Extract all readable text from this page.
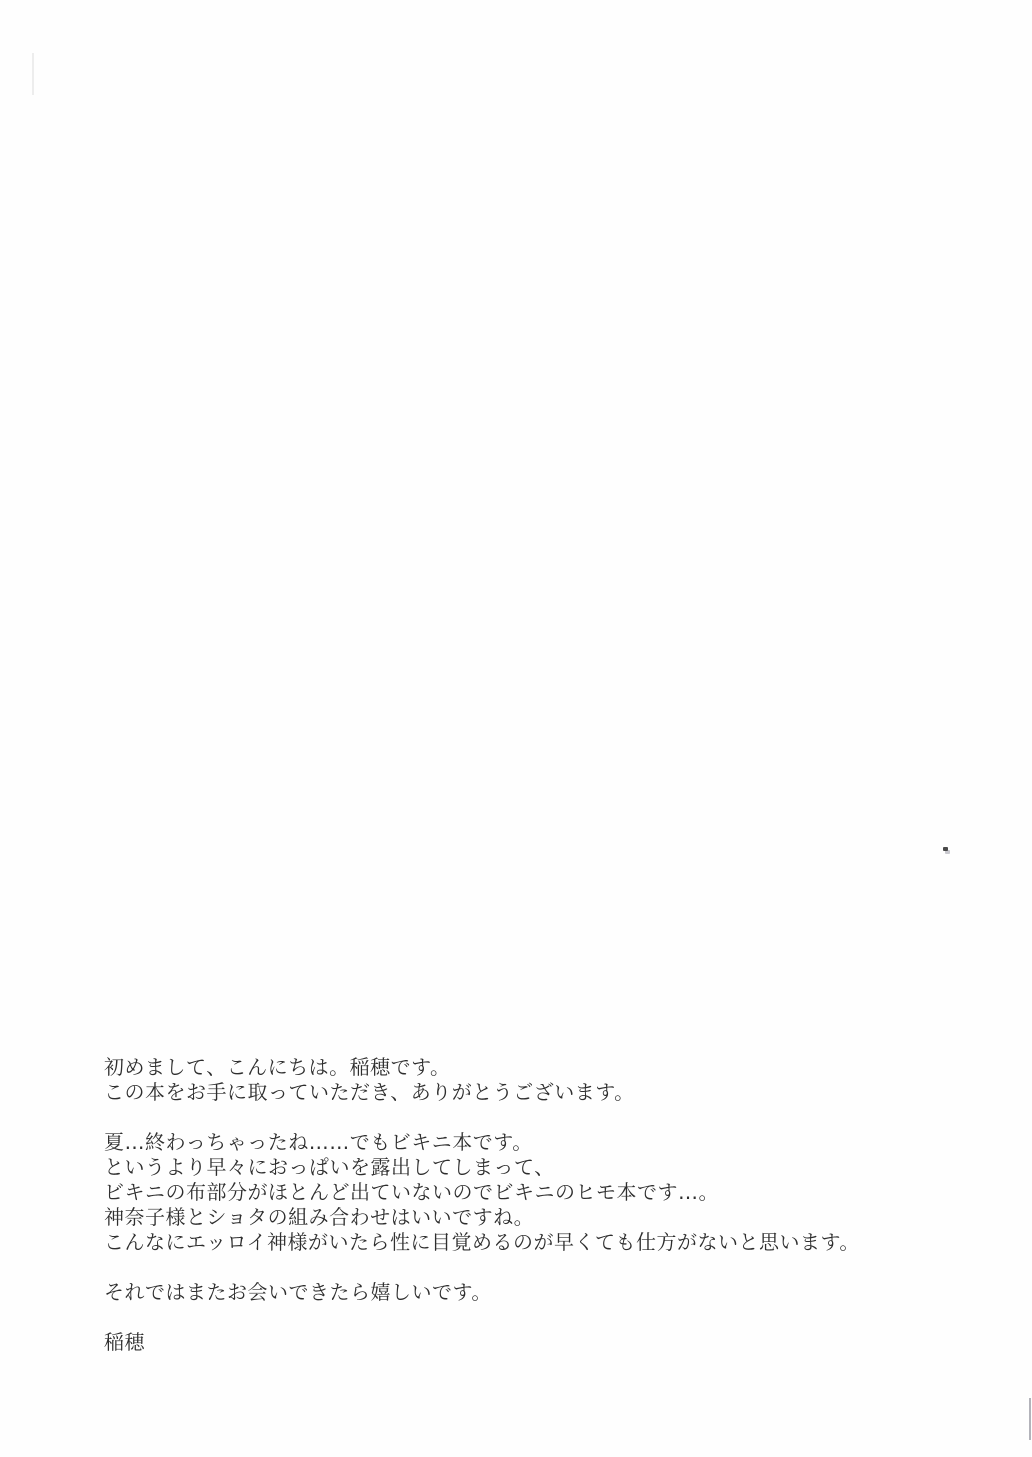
初めまして、こんにちは。稲穂です。
この本をお手に取っていただき、ありがとうございます。

夏…終わっちゃったね……でもビキニ本です。
というより早々におっぱいを露出してしまって、
ビキニの布部分がほとんど出ていないのでビキニのヒモ本です…。
神奈子様とショタの組み合わせはいいですね。
こんなにエッロイ神様がいたら性に目覚めるのが早くても仕方がないと思います。

それではまたお会いできたら嬉しいです。

稲穂
